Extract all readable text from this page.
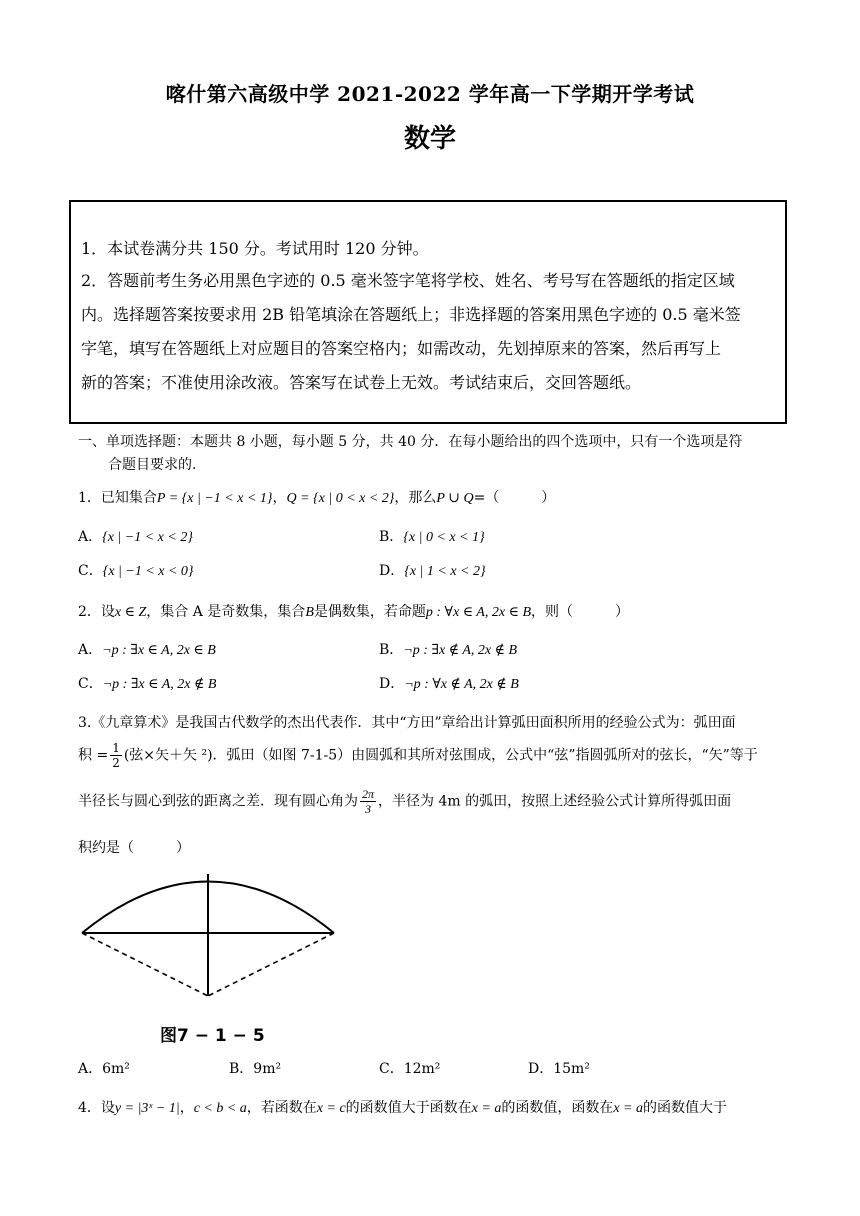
喀什第六高级中学 2021-2022 学年高一下学期开学考试
数学
1．本试卷满分共 150 分。考试用时 120 分钟。
2．答题前考生务必用黑色字迹的 0.5 毫米签字笔将学校、姓名、考号写在答题纸的指定区域
内。选择题答案按要求用 2B 铅笔填涂在答题纸上；非选择题的答案用黑色字迹的 0.5 毫米签
字笔，填写在答题纸上对应题目的答案空格内；如需改动，先划掉原来的答案，然后再写上
新的答案；不准使用涂改液。答案写在试卷上无效。考试结束后，交回答题纸。
一、单项选择题：本题共 8 小题，每小题 5 分，共 40 分．在每小题给出的四个选项中，只有一个选项是符
合题目要求的.
1．已知集合P = {x | −1 < x < 1}，Q = {x | 0 < x < 2}，那么P ∪ Q=（　　　）
A．{x | −1 < x < 2}	B．{x | 0 < x < 1}
C．{x | −1 < x < 0}	D．{x | 1 < x < 2}
2．设x ∈ Z，集合 A 是奇数集，集合B是偶数集，若命题p : ∀x ∈ A, 2x ∈ B，则（　　　）
A．¬p : ∃x ∈ A, 2x ∈ B	B．¬p : ∃x ∉ A, 2x ∉ B
C．¬p : ∃x ∈ A, 2x ∉ B	D．¬p : ∀x ∉ A, 2x ∉ B
3.《九章算术》是我国古代数学的杰出代表作．其中“方田”章给出计算弧田面积所用的经验公式为：弧田面
积 = $\frac{1}{2}$ (弦×矢＋矢 ²)．弧田（如图 7-1-5）由圆弧和其所对弦围成，公式中“弦”指圆弧所对的弦长，“矢”等于
半径长与圆心到弦的距离之差．现有圆心角为 $\frac{2\pi}{3}$ ，半径为 4m 的弧田，按照上述经验公式计算所得弧田面
积约是（　　　）
图7 − 1 − 5
A．6m²	B．9m²	C．12m²	D．15m²
4．设y = |3ˣ − 1|，c < b < a，若函数在x = c的函数值大于函数在x = a的函数值，函数在x = a的函数值大于
